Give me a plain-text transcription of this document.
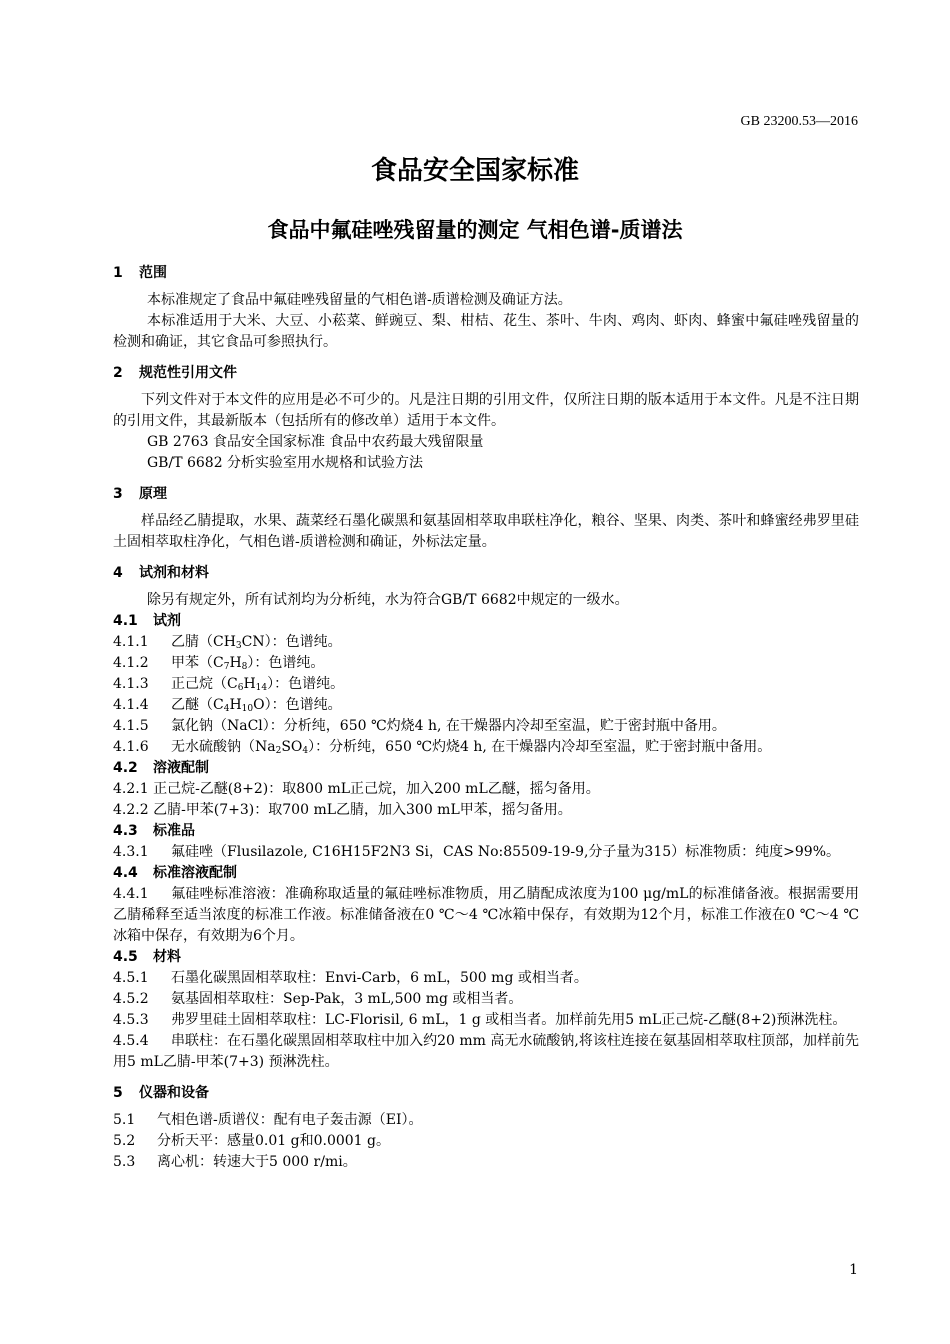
GB 23200.53—2016
食品安全国家标准
食品中氟硅唑残留量的测定 气相色谱-质谱法
1 范围

本标准规定了食品中氟硅唑残留量的气相色谱-质谱检测及确证方法。

本标准适用于大米、大豆、小菘菜、鲜豌豆、梨、柑桔、花生、茶叶、牛肉、鸡肉、虾肉、蜂蜜中氟硅唑残留量的检测和确证，其它食品可参照执行。

2 规范性引用文件

下列文件对于本文件的应用是必不可少的。凡是注日期的引用文件，仅所注日期的版本适用于本文件。凡是不注日期的引用文件，其最新版本（包括所有的修改单）适用于本文件。

GB 2763 食品安全国家标准 食品中农药最大残留限量

GB/T 6682 分析实验室用水规格和试验方法

3 原理

样品经乙腈提取，水果、蔬菜经石墨化碳黑和氨基固相萃取串联柱净化，粮谷、坚果、肉类、茶叶和蜂蜜经弗罗里硅土固相萃取柱净化，气相色谱-质谱检测和确证，外标法定量。

4 试剂和材料

除另有规定外，所有试剂均为分析纯，水为符合GB/T 6682中规定的一级水。

4.1 试剂

4.1.1 乙腈$(CH_3CN)$：色谱纯。

4.1.2 甲苯$(C_7H_8)$：色谱纯。

4.1.3 正己烷$(C_6H_{14})$：色谱纯。

4.1.4 乙醚$(C_4H_{10}O)$：色谱纯。

4.1.5 氯化钠（NaCl）：分析纯，650 ℃灼烧4 h, 在干燥器内冷却至室温，贮于密封瓶中备用。

4.1.6 无水硫酸钠$(Na_2SO_4)$：分析纯，650 ℃灼烧4 h, 在干燥器内冷却至室温，贮于密封瓶中备用。

4.2 溶液配制

4.2.1 正己烷-乙醚(8+2)：取800 mL正己烷，加入200 mL乙醚，摇匀备用。

4.2.2 乙腈-甲苯(7+3)：取700 mL乙腈，加入300 mL甲苯，摇匀备用。

4.3 标准品

4.3.1 氟硅唑（Flusilazole, C16H15F2N3 Si，CAS No:85509-19-9,分子量为315）标准物质：纯度>99%。

4.4 标准溶液配制

4.4.1 氟硅唑标准溶液：准确称取适量的氟硅唑标准物质，用乙腈配成浓度为100 μg/mL的标准储备液。根据需要用乙腈稀释至适当浓度的标准工作液。标准储备液在0 ℃～4 ℃冰箱中保存，有效期为12个月，标准工作液在0 ℃～4 ℃冰箱中保存，有效期为6个月。

4.5 材料

4.5.1 石墨化碳黑固相萃取柱：Envi-Carb，6 mL，500 mg 或相当者。

4.5.2 氨基固相萃取柱：Sep-Pak，3 mL,500 mg 或相当者。

4.5.3 弗罗里硅土固相萃取柱：LC-Florisil, 6 mL，1 g 或相当者。加样前先用5 mL正己烷-乙醚(8+2)预淋洗柱。

4.5.4 串联柱：在石墨化碳黑固相萃取柱中加入约20 mm 高无水硫酸钠,将该柱连接在氨基固相萃取柱顶部，加样前先用5 mL乙腈-甲苯(7+3) 预淋洗柱。

5 仪器和设备

5.1 气相色谱-质谱仪：配有电子轰击源（EI）。

5.2 分析天平：感量0.01 g和0.0001 g。

5.3 离心机：转速大于5 000 r/mi。

1
